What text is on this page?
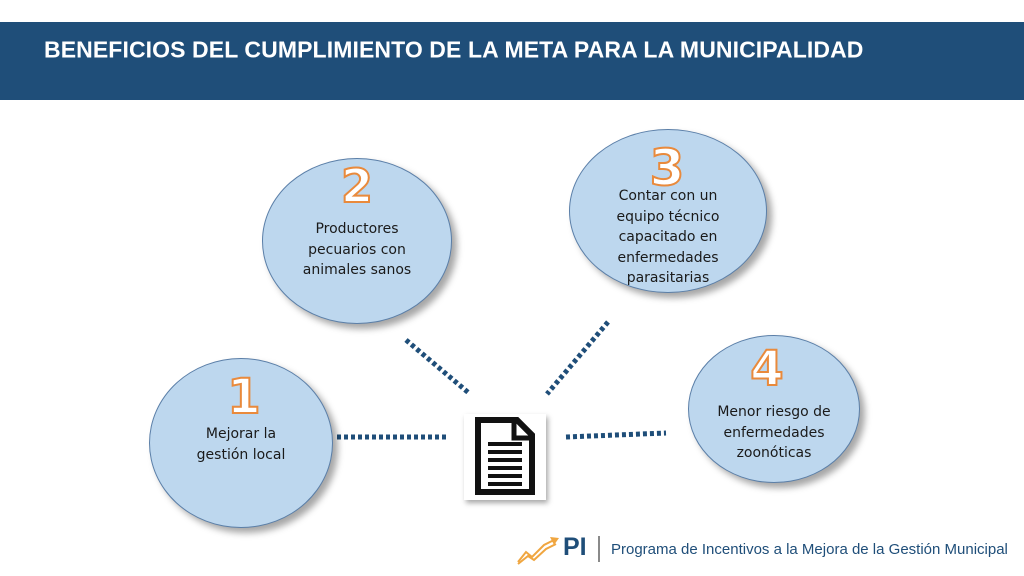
BENEFICIOS DEL CUMPLIMIENTO DE LA META PARA LA MUNICIPALIDAD
2
Productores pecuarios con animales sanos
3
Contar con un equipo técnico capacitado en enfermedades parasitarias
1
Mejorar la gestión local
4
Menor riesgo de enfermedades zoonóticas
PI Programa de Incentivos a la Mejora de la Gestión Municipal
